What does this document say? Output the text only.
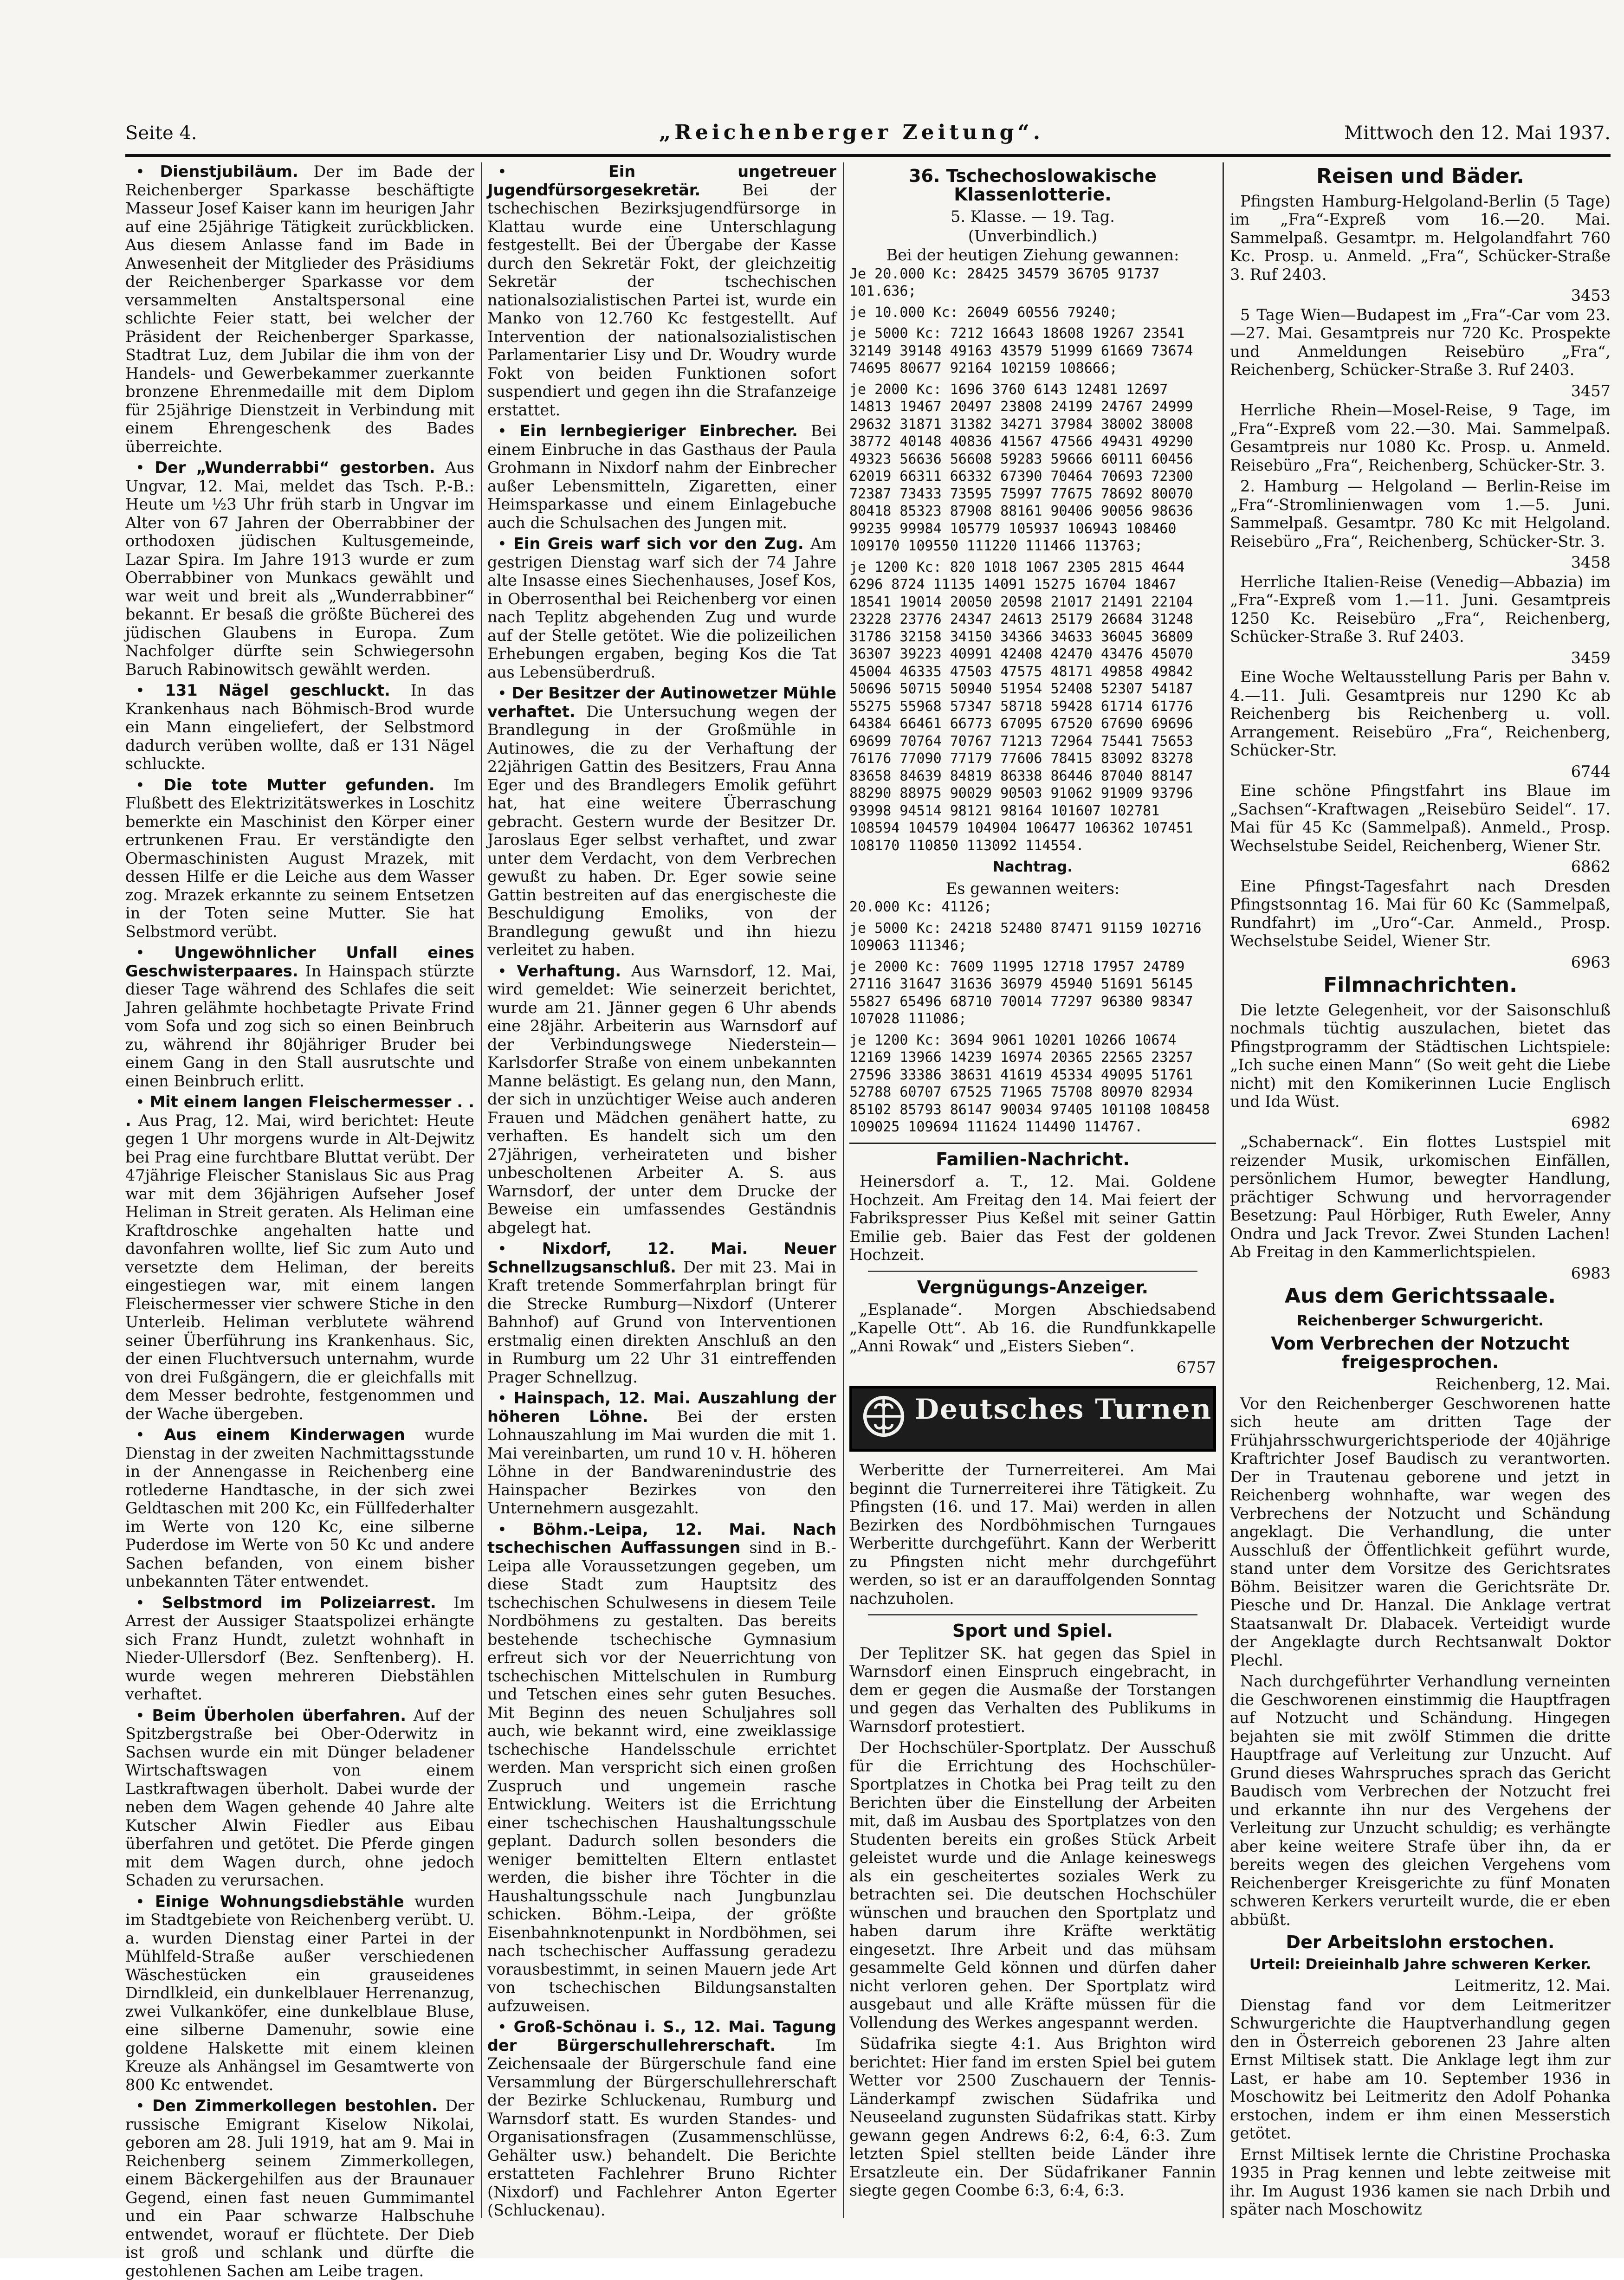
Seite 4.	„Reichenberger Zeitung“.	Mittwoch den 12. Mai 1937.

• Dienstjubiläum. Der im Bade der Reichenberger Sparkasse beschäftigte Masseur Josef Kaiser kann im heurigen Jahr auf eine 25jährige Tätigkeit zurückblicken. Aus diesem Anlasse fand im Bade in Anwesenheit der Mitglieder des Präsidiums der Reichenberger Sparkasse vor dem versammelten Anstaltspersonal eine schlichte Feier statt, bei welcher der Präsident der Reichenberger Sparkasse, Stadtrat Luz, dem Jubilar die ihm von der Handels- und Gewerbekammer zuerkannte bronzene Ehrenmedaille mit dem Diplom für 25jährige Dienstzeit in Verbindung mit einem Ehrengeschenk des Bades überreichte.

• Der „Wunderrabbi“ gestorben. Aus Ungvar, 12. Mai, meldet das Tsch. P.-B.: Heute um ½3 Uhr früh starb in Ungvar im Alter von 67 Jahren der Oberrabbiner der orthodoxen jüdischen Kultusgemeinde, Lazar Spira. Im Jahre 1913 wurde er zum Oberrabbiner von Munkacs gewählt und war weit und breit als „Wunderrabbiner“ bekannt. Er besaß die größte Bücherei des jüdischen Glaubens in Europa. Zum Nachfolger dürfte sein Schwiegersohn Baruch Rabinowitsch gewählt werden.

• 131 Nägel geschluckt. In das Krankenhaus nach Böhmisch-Brod wurde ein Mann eingeliefert, der Selbstmord dadurch verüben wollte, daß er 131 Nägel schluckte.

• Die tote Mutter gefunden. Im Flußbett des Elektrizitätswerkes in Loschitz bemerkte ein Maschinist den Körper einer ertrunkenen Frau. Er verständigte den Obermaschinisten August Mrazek, mit dessen Hilfe er die Leiche aus dem Wasser zog. Mrazek erkannte zu seinem Entsetzen in der Toten seine Mutter. Sie hat Selbstmord verübt.

• Ungewöhnlicher Unfall eines Geschwisterpaares. In Hainspach stürzte dieser Tage während des Schlafes die seit Jahren gelähmte hochbetagte Private Frind vom Sofa und zog sich so einen Beinbruch zu, während ihr 80jähriger Bruder bei einem Gang in den Stall ausrutschte und einen Beinbruch erlitt.

• Mit einem langen Fleischermesser . . . Aus Prag, 12. Mai, wird berichtet: Heute gegen 1 Uhr morgens wurde in Alt-Dejwitz bei Prag eine furchtbare Bluttat verübt. Der 47jährige Fleischer Stanislaus Sic aus Prag war mit dem 36jährigen Aufseher Josef Heliman in Streit geraten. Als Heliman eine Kraftdroschke angehalten hatte und davonfahren wollte, lief Sic zum Auto und versetzte dem Heliman, der bereits eingestiegen war, mit einem langen Fleischermesser vier schwere Stiche in den Unterleib. Heliman verblutete während seiner Überführung ins Krankenhaus. Sic, der einen Fluchtversuch unternahm, wurde von drei Fußgängern, die er gleichfalls mit dem Messer bedrohte, festgenommen und der Wache übergeben.

• Aus einem Kinderwagen wurde Dienstag in der zweiten Nachmittagsstunde in der Annengasse in Reichenberg eine rotlederne Handtasche, in der sich zwei Geldtaschen mit 200 Kc, ein Füllfederhalter im Werte von 120 Kc, eine silberne Puderdose im Werte von 50 Kc und andere Sachen befanden, von einem bisher unbekannten Täter entwendet.

• Selbstmord im Polizeiarrest. Im Arrest der Aussiger Staatspolizei erhängte sich Franz Hundt, zuletzt wohnhaft in Nieder-Ullersdorf (Bez. Senftenberg). H. wurde wegen mehreren Diebstählen verhaftet.

• Beim Überholen überfahren. Auf der Spitzbergstraße bei Ober-Oderwitz in Sachsen wurde ein mit Dünger beladener Wirtschaftswagen von einem Lastkraftwagen überholt. Dabei wurde der neben dem Wagen gehende 40 Jahre alte Kutscher Alwin Fiedler aus Eibau überfahren und getötet. Die Pferde gingen mit dem Wagen durch, ohne jedoch Schaden zu verursachen.

• Einige Wohnungsdiebstähle wurden im Stadtgebiete von Reichenberg verübt. U. a. wurden Dienstag einer Partei in der Mühlfeld-Straße außer verschiedenen Wäschestücken ein grauseidenes Dirndlkleid, ein dunkelblauer Herrenanzug, zwei Vulkanköfer, eine dunkelblaue Bluse, eine silberne Damenuhr, sowie eine goldene Halskette mit einem kleinen Kreuze als Anhängsel im Gesamtwerte von 800 Kc entwendet.

• Den Zimmerkollegen bestohlen. Der russische Emigrant Kiselow Nikolai, geboren am 28. Juli 1919, hat am 9. Mai in Reichenberg seinem Zimmerkollegen, einem Bäckergehilfen aus der Braunauer Gegend, einen fast neuen Gummimantel und ein Paar schwarze Halbschuhe entwendet, worauf er flüchtete. Der Dieb ist groß und schlank und dürfte die gestohlenen Sachen am Leibe tragen.

• Ein ungetreuer Jugendfürsorgesekretär.	Bei der tschechischen Bezirksjugendfürsorge in Klattau wurde eine Unterschlagung festgestellt. Bei der Übergabe der Kasse durch den Sekretär Fokt, der gleichzeitig Sekretär der tschechischen nationalsozialistischen Partei ist, wurde ein Manko von 12.760 Kc festgestellt. Auf Intervention der nationalsozialistischen Parlamentarier Lisy und Dr. Woudry wurde Fokt von beiden Funktionen sofort suspendiert und gegen ihn die Strafanzeige erstattet.

• Ein lernbegieriger Einbrecher. Bei einem Einbruche in das Gasthaus der Paula Grohmann in Nixdorf nahm der Einbrecher außer Lebensmitteln, Zigaretten, einer Heimsparkasse und einem Einlagebuche auch die Schulsachen des Jungen mit.

• Ein Greis warf sich vor den Zug. Am gestrigen Dienstag warf sich der 74 Jahre alte Insasse eines Siechenhauses, Josef Kos, in Oberrosenthal bei Reichenberg vor einen nach Teplitz abgehenden Zug und wurde auf der Stelle getötet. Wie die polizeilichen Erhebungen ergaben, beging Kos die Tat aus Lebensüberdruß.

• Der Besitzer der Autinowetzer Mühle verhaftet. Die Untersuchung wegen der Brandlegung in der Großmühle in Autinowes, die zu der Verhaftung der 22jährigen Gattin des Besitzers, Frau Anna Eger und des Brandlegers Emolik geführt hat, hat eine weitere Überraschung gebracht. Gestern wurde der Besitzer Dr. Jaroslaus Eger selbst verhaftet, und zwar unter dem Verdacht, von dem Verbrechen gewußt zu haben. Dr. Eger sowie seine Gattin bestreiten auf das energischeste die Beschuldigung Emoliks, von der Brandlegung gewußt und ihn hiezu verleitet zu haben.

• Verhaftung. Aus Warnsdorf, 12. Mai, wird gemeldet: Wie seinerzeit berichtet, wurde am 21. Jänner gegen 6 Uhr abends eine 28jähr. Arbeiterin aus Warnsdorf auf der Verbindungswege Niederstein—Karlsdorfer Straße von einem unbekannten Manne belästigt. Es gelang nun, den Mann, der sich in unzüchtiger Weise auch anderen Frauen und Mädchen genähert hatte, zu verhaften. Es handelt sich um den 27jährigen, verheirateten und bisher unbescholtenen Arbeiter A. S. aus Warnsdorf, der unter dem Drucke der Beweise ein umfassendes Geständnis abgelegt hat.

• Nixdorf, 12. Mai. Neuer Schnellzugsanschluß. Der mit 23. Mai in Kraft tretende Sommerfahrplan bringt für die Strecke Rumburg—Nixdorf (Unterer Bahnhof) auf Grund von Interventionen erstmalig einen direkten Anschluß an den in Rumburg um 22 Uhr 31 eintreffenden Prager Schnellzug.

• Hainspach, 12. Mai. Auszahlung der höheren Löhne. Bei der ersten Lohnauszahlung im Mai wurden die mit 1. Mai vereinbarten, um rund 10 v. H. höheren Löhne in der Bandwarenindustrie des Hainspacher Bezirkes von den Unternehmern ausgezahlt.

• Böhm.-Leipa, 12. Mai. Nach tschechischen Auffassungen sind in B.-Leipa alle Voraussetzungen gegeben, um diese Stadt zum Hauptsitz des tschechischen Schulwesens in diesem Teile Nordböhmens zu gestalten. Das bereits bestehende tschechische Gymnasium erfreut sich vor der Neuerrichtung von tschechischen Mittelschulen in Rumburg und Tetschen eines sehr guten Besuches. Mit Beginn des neuen Schuljahres soll auch, wie bekannt wird, eine zweiklassige tschechische Handelsschule errichtet werden. Man verspricht sich einen großen Zuspruch und ungemein rasche Entwicklung. Weiters ist die Errichtung einer tschechischen Haushaltungsschule geplant. Dadurch sollen besonders die weniger bemittelten Eltern entlastet werden, die bisher ihre Töchter in die Haushaltungsschule nach Jungbunzlau schicken. Böhm.-Leipa, der größte Eisenbahnknotenpunkt in Nordböhmen, sei nach tschechischer Auffassung geradezu vorausbestimmt, in seinen Mauern jede Art von tschechischen Bildungsanstalten aufzuweisen.

• Groß-Schönau i. S., 12. Mai. Tagung der Bürgerschullehrerschaft.	Im Zeichensaale der Bürgerschule fand eine Versammlung der Bürgerschullehrerschaft der Bezirke Schluckenau, Rumburg und Warnsdorf statt. Es wurden Standes- und Organisationsfragen (Zusammenschlüsse, Gehälter usw.) behandelt. Die Berichte erstatteten Fachlehrer Bruno Richter (Nixdorf) und Fachlehrer Anton Egerter (Schluckenau).

36. Tschechoslowakische Klassenlotterie.
5. Klasse. — 19. Tag.
(Unverbindlich.)
Bei der heutigen Ziehung gewannen:
Je 20.000 Kc: 28425 34579 36705 91737 101.636;
je 10.000 Kc: 26049 60556 79240;
je 5000 Kc: 7212 16643 18608 19267 23541 32149 39148 49163 43579 51999 61669 73674 74695 80677 92164 102159 108666;
je 2000 Kc: 1696 3760 6143 12481 12697 14813 19467 20497 23808 24199 24767 24999 29632 31871 31382 34271 37984 38002 38008 38772 40148 40836 41567 47566 49431 49290 49323 56636 56608 59283 59666 60111 60456 62019 66311 66332 67390 70464 70693 72300 72387 73433 73595 75997 77675 78692 80070 80418 85323 87908 88161 90406 90056 98636 99235 99984 105779 105937 106943 108460 109170 109550 111220 111466 113763;
je 1200 Kc: 820 1018 1067 2305 2815 4644 6296 8724 11135 14091 15275 16704 18467 18541 19014 20050 20598 21017 21491 22104 23228 23776 24347 24613 25179 26684 31248 31786 32158 34150 34366 34633 36045 36809 36307 39223 40991 42408 42470 43476 45070 45004 46335 47503 47575 48171 49858 49842 50696 50715 50940 51954 52408 52307 54187 55275 55968 57347 58718 59428 61714 61776 64384 66461 66773 67095 67520 67690 69696 69699 70764 70767 71213 72964 75441 75653 76176 77090 77179 77606 78415 83092 83278 83658 84639 84819 86338 86446 87040 88147 88290 88975 90029 90503 91062 91909 93796 93998 94514 98121 98164 101607 102781 108594 104579 104904 106477 106362 107451 108170 110850 113092 114554.
Nachtrag.
Es gewannen weiters:
20.000 Kc: 41126;
je 5000 Kc: 24218 52480 87471 91159 102716 109063 111346;
je 2000 Kc: 7609 11995 12718 17957 24789 27116 31647 31636 36979 45940 51691 56145 55827 65496 68710 70014 77297 96380 98347 107028 111086;
je 1200 Kc: 3694 9061 10201 10266 10674 12169 13966 14239 16974 20365 22565 23257 27596 33386 38631 41619 45334 49095 51761 52788 60707 67525 71965 75708 80970 82934 85102 85793 86147 90034 97405 101108 108458 109025 109694 111624 114490 114767.
Familien-Nachricht.

Heinersdorf a. T., 12. Mai. Goldene Hochzeit. Am Freitag den 14. Mai feiert der Fabrikspresser Pius Keßel mit seiner Gattin Emilie geb. Baier das Fest der goldenen Hochzeit.

Vergnügungs-Anzeiger.

„Esplanade“. Morgen Abschiedsabend „Kapelle Ott“. Ab 16. die Rundfunkkapelle „Anni Rowak“ und „Eisters Sieben“.

6757
Deutsches Turnen

Werberitte der Turnerreiterei. Am Mai beginnt die Turnerreiterei ihre Tätigkeit. Zu Pfingsten (16. und 17. Mai) werden in allen Bezirken des Nordböhmischen Turngaues Werberitte durchgeführt. Kann der Werberitt zu Pfingsten nicht mehr durchgeführt werden, so ist er an darauffolgenden Sonntag nachzuholen.

Sport und Spiel.

Der Teplitzer SK. hat gegen das Spiel in Warnsdorf einen Einspruch eingebracht, in dem er gegen die Ausmaße der Torstangen und gegen das Verhalten des Publikums in Warnsdorf protestiert.

Der Hochschüler-Sportplatz. Der Ausschuß für die Errichtung des Hochschüler-Sportplatzes in Chotka bei Prag teilt zu den Berichten über die Einstellung der Arbeiten mit, daß im Ausbau des Sportplatzes von den Studenten bereits ein großes Stück Arbeit geleistet wurde und die Anlage keineswegs als ein gescheitertes soziales Werk zu betrachten sei. Die deutschen Hochschüler wünschen und brauchen den Sportplatz und haben darum ihre Kräfte werktätig eingesetzt. Ihre Arbeit und das mühsam gesammelte Geld können und dürfen daher nicht verloren gehen. Der Sportplatz wird ausgebaut und alle Kräfte müssen für die Vollendung des Werkes angespannt werden.

Südafrika siegte 4:1. Aus Brighton wird berichtet: Hier fand im ersten Spiel bei gutem Wetter vor 2500 Zuschauern der Tennis-Länderkampf zwischen Südafrika und Neuseeland zugunsten Südafrikas statt. Kirby gewann gegen Andrews 6:2, 6:4, 6:3. Zum letzten Spiel stellten beide Länder ihre Ersatzleute ein. Der Südafrikaner Fannin siegte gegen Coombe 6:3, 6:4, 6:3.

Reisen und Bäder.

Pfingsten Hamburg-Helgoland-Berlin (5 Tage) im „Fra“-Expreß vom 16.—20. Mai. Sammelpaß. Gesamtpr. m. Helgolandfahrt 760 Kc. Prosp. u. Anmeld. „Fra“, Schücker-Straße 3. Ruf 2403.

3453

5 Tage Wien—Budapest im „Fra“-Car vom 23.—27. Mai. Gesamtpreis nur 720 Kc. Prospekte und Anmeldungen Reisebüro „Fra“, Reichenberg, Schücker-Straße 3. Ruf 2403.

3457

Herrliche Rhein—Mosel-Reise, 9 Tage, im „Fra“-Expreß vom 22.—30. Mai. Sammelpaß. Gesamtpreis nur 1080 Kc. Prosp. u. Anmeld. Reisebüro „Fra“, Reichenberg, Schücker-Str. 3.

2. Hamburg — Helgoland — Berlin-Reise im „Fra“-Stromlinienwagen vom 1.—5. Juni. Sammelpaß. Gesamtpr. 780 Kc mit Helgoland. Reisebüro „Fra“, Reichenberg, Schücker-Str. 3.

3458

Herrliche Italien-Reise (Venedig—Abbazia) im „Fra“-Expreß vom 1.—11. Juni. Gesamtpreis 1250 Kc. Reisebüro „Fra“, Reichenberg, Schücker-Straße 3. Ruf 2403.

3459

Eine Woche Weltausstellung Paris per Bahn v. 4.—11. Juli. Gesamtpreis nur 1290 Kc ab Reichenberg bis Reichenberg u. voll. Arrangement. Reisebüro „Fra“, Reichenberg, Schücker-Str.

6744

Eine schöne Pfingstfahrt ins Blaue im „Sachsen“-Kraftwagen „Reisebüro Seidel“. 17. Mai für 45 Kc (Sammelpaß). Anmeld., Prosp. Wechselstube Seidel, Reichenberg, Wiener Str.

6862

Eine Pfingst-Tagesfahrt nach Dresden Pfingstsonntag 16. Mai für 60 Kc (Sammelpaß, Rundfahrt) im „Uro“-Car. Anmeld., Prosp. Wechselstube Seidel, Wiener Str.

6963
Filmnachrichten.

Die letzte Gelegenheit, vor der Saisonschluß nochmals tüchtig auszulachen, bietet das Pfingstprogramm der Städtischen Lichtspiele: „Ich suche einen Mann“ (So weit geht die Liebe nicht) mit den Komikerinnen Lucie Englisch und Ida Wüst.

6982

„Schabernack“. Ein flottes Lustspiel mit reizender Musik, urkomischen Einfällen, persönlichem Humor, bewegter Handlung, prächtiger Schwung und hervorragender Besetzung: Paul Hörbiger, Ruth Eweler, Anny Ondra und Jack Trevor. Zwei Stunden Lachen! Ab Freitag in den Kammerlichtspielen.

6983
Aus dem Gerichtssaale.
Reichenberger Schwurgericht.
Vom Verbrechen der Notzucht freigesprochen.
Reichenberg, 12. Mai.

Vor den Reichenberger Geschworenen hatte sich heute am dritten Tage der Frühjahrsschwurgerichtsperiode der 40jährige Kraftrichter Josef Baudisch zu verantworten. Der in Trautenau geborene und jetzt in Reichenberg wohnhafte, war wegen des Verbrechens der Notzucht und Schändung angeklagt. Die Verhandlung, die unter Ausschluß der Öffentlichkeit geführt wurde, stand unter dem Vorsitze des Gerichtsrates Böhm. Beisitzer waren die Gerichtsräte Dr. Piesche und Dr. Hanzal. Die Anklage vertrat Staatsanwalt Dr. Dlabacek. Verteidigt wurde der Angeklagte durch Rechtsanwalt Doktor Plechl.

Nach durchgeführter Verhandlung verneinten die Geschworenen einstimmig die Hauptfragen auf Notzucht und Schändung. Hingegen bejahten sie mit zwölf Stimmen die dritte Hauptfrage auf Verleitung zur Unzucht. Auf Grund dieses Wahrspruches sprach das Gericht Baudisch vom Verbrechen der Notzucht frei und erkannte ihn nur des Vergehens der Verleitung zur Unzucht schuldig; es verhängte aber keine weitere Strafe über ihn, da er bereits wegen des gleichen Vergehens vom Reichenberger Kreisgerichte zu fünf Monaten schweren Kerkers verurteilt wurde, die er eben abbüßt.

Der Arbeitslohn erstochen.
Urteil: Dreieinhalb Jahre schweren Kerker.
Leitmeritz, 12. Mai.

Dienstag fand vor dem Leitmeritzer Schwurgerichte die Hauptverhandlung gegen den in Österreich geborenen 23 Jahre alten Ernst Miltisek statt. Die Anklage legt ihm zur Last, er habe am 10. September 1936 in Moschowitz bei Leitmeritz den Adolf Pohanka erstochen, indem er ihm einen Messerstich getötet.

Ernst Miltisek lernte die Christine Prochaska 1935 in Prag kennen und lebte zeitweise mit ihr. Im August 1936 kamen sie nach Drbih und später nach Moschowitz
